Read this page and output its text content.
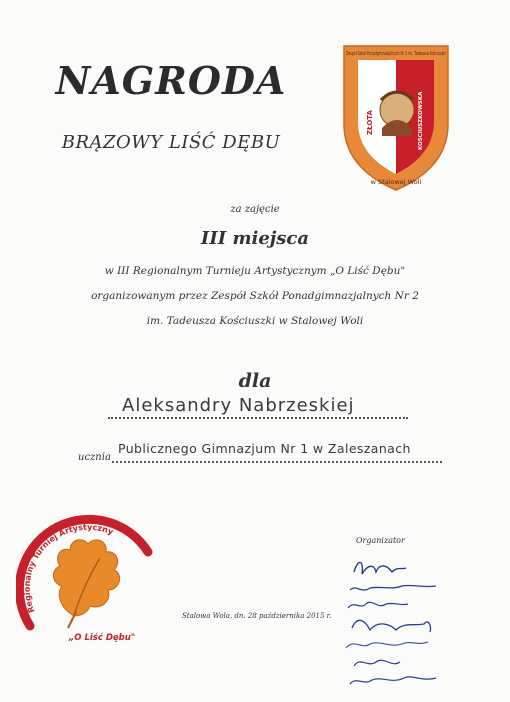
NAGRODA
BRĄZOWY LIŚĆ DĘBU
ZŁOTA	KOSCIUSZKOWSKA
Zespół Szkół Ponadgimnazjalnych Nr 2 im. Tadeusza Kościuszki
w Stalowej Woli
za zajęcie
III miejsca
w III Regionalnym Turnieju Artystycznym „O Liść Dębu"
organizowanym przez Zespół Szkół Ponadgimnazjalnych Nr 2
im. Tadeusza Kościuszki w Stalowej Woli
dla
Aleksandry Nabrzeskiej
ucznia
Publicznego Gimnazjum Nr 1 w Zaleszanach
Regionalny Turniej Artystyczny
„O Liść Dębu"
Stalowa Wola, dn. 28 października 2015 r.
Organizator
